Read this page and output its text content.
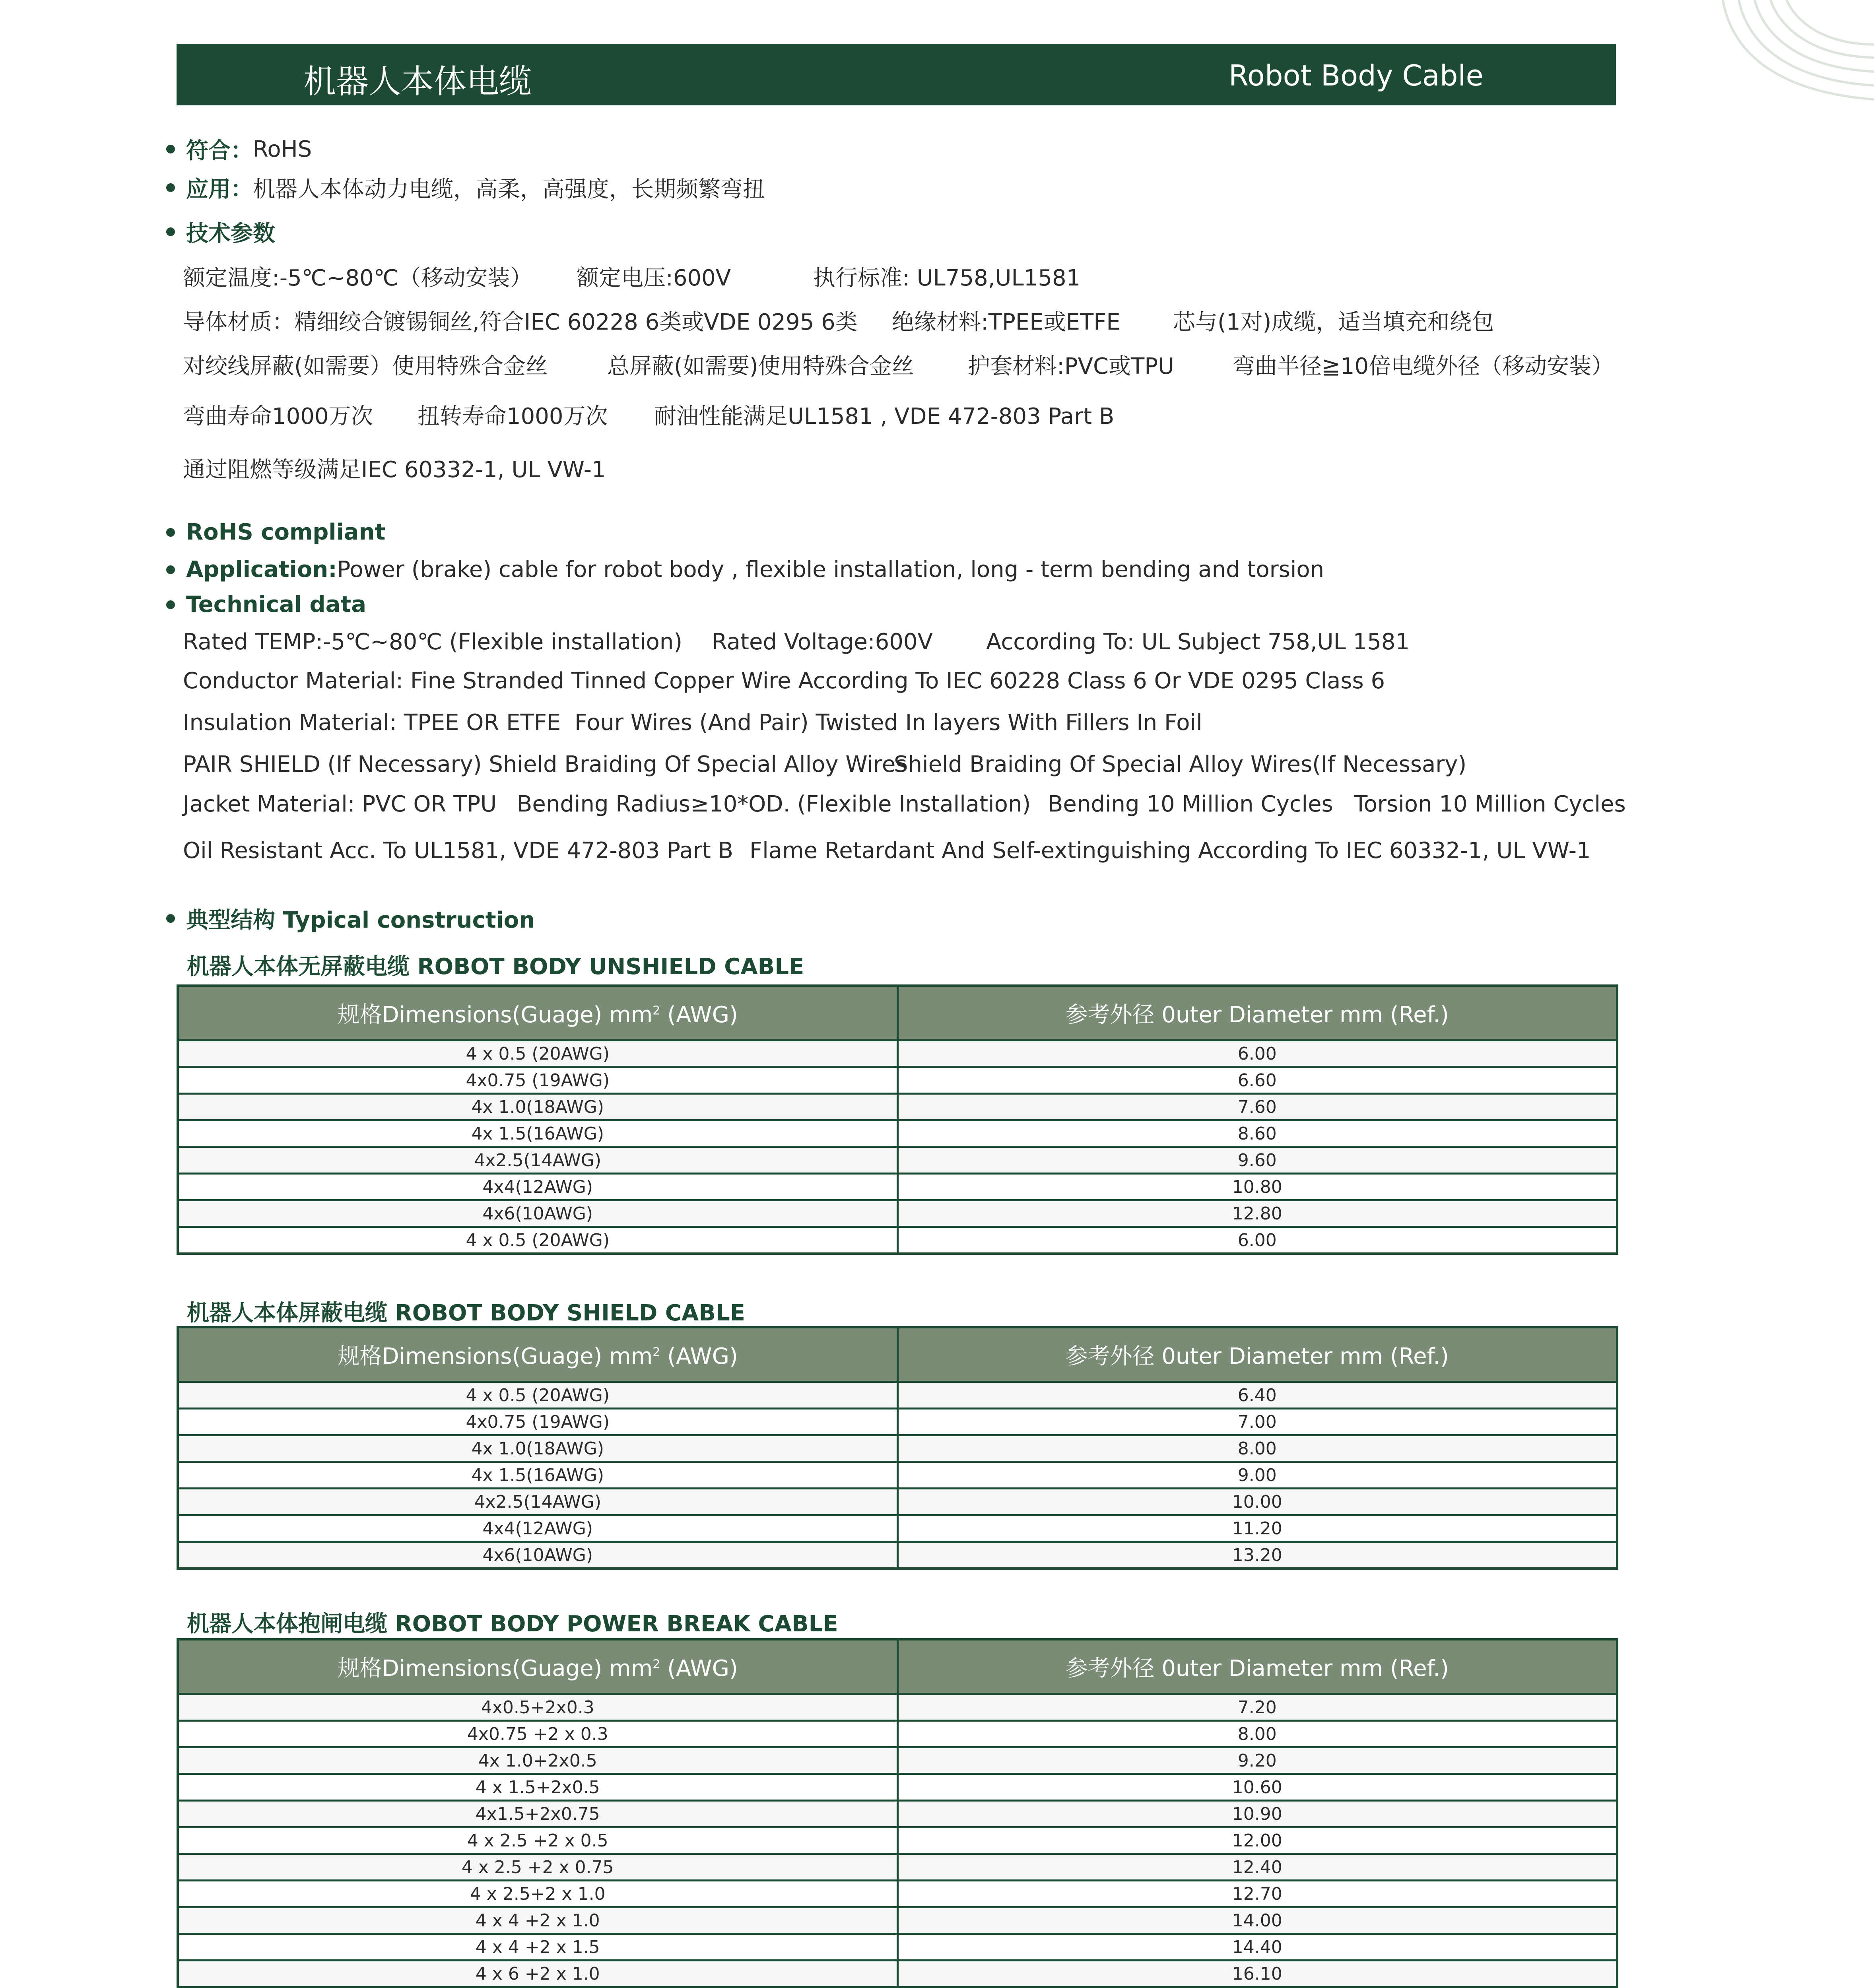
机器人本体电缆	Robot Body Cable
符合： RoHS
应用： 机器人本体动力电缆，高柔，高强度，长期频繁弯扭
技术参数
额定温度:-5℃~80℃（移动安装） 额定电压:600V	执行标准: UL758,UL1581
导体材质：精细绞合镀锡铜丝,符合IEC 60228 6类或VDE 0295 6类 绝缘材料:TPEE或ETFE 芯与(1对)成缆，适当填充和绕包
对绞线屏蔽(如需要）使用特殊合金丝	总屏蔽(如需要)使用特殊合金丝 护套材料:PVC或TPU	弯曲半径≧10倍电缆外径（移动安装）
弯曲寿命1000万次 扭转寿命1000万次 耐油性能满足UL1581 , VDE 472-803 Part B
通过阻燃等级满足IEC 60332-1, UL VW-1
RoHS compliant
Application: Power (brake) cable for robot body , flexible installation, long - term bending and torsion
Technical data
Rated TEMP:-5℃~80℃ (Flexible installation) Rated Voltage:600V According To: UL Subject 758,UL 1581
Conductor Material: Fine Stranded Tinned Copper Wire According To IEC 60228 Class 6 Or VDE 0295 Class 6
Insulation Material: TPEE OR ETFE Four Wires (And Pair) Twisted In layers With Fillers In Foil
PAIR SHIELD (If Necessary) Shield Braiding Of Special Alloy Wires
Shield Braiding Of Special Alloy Wires(If Necessary)
Jacket Material: PVC OR TPU Bending Radius≥10*OD. (Flexible Installation) Bending 10 Million Cycles Torsion 10 Million Cycles
Oil Resistant Acc. To UL1581, VDE 472-803 Part B Flame Retardant And Self-extinguishing According To IEC 60332-1, UL VW-1
典型结构 Typical construction
机器人本体无屏蔽电缆 ROBOT BODY UNSHIELD CABLE
规格Dimensions(Guage) $mm^2$ (AWG)	参考外径 0uter Diameter mm (Ref.)
4 x 0.5 (20AWG)	6.00
4x0.75 (19AWG)	6.60
4x 1.0(18AWG)	7.60
4x 1.5(16AWG)	8.60
4x2.5(14AWG)	9.60
4x4(12AWG)	10.80
4x6(10AWG)	12.80
4 x 0.5 (20AWG)	6.00
机器人本体屏蔽电缆 ROBOT BODY SHIELD CABLE
规格Dimensions(Guage) $mm^2$ (AWG)	参考外径 0uter Diameter mm (Ref.)
4 x 0.5 (20AWG)	6.40
4x0.75 (19AWG)	7.00
4x 1.0(18AWG)	8.00
4x 1.5(16AWG)	9.00
4x2.5(14AWG)	10.00
4x4(12AWG)	11.20
4x6(10AWG)	13.20
机器人本体抱闸电缆 ROBOT BODY POWER BREAK CABLE
规格Dimensions(Guage) $mm^2$ (AWG)	参考外径 0uter Diameter mm (Ref.)
4x0.5+2x0.3	7.20
4x0.75 +2 x 0.3	8.00
4x 1.0+2x0.5	9.20
4 x 1.5+2x0.5	10.60
4x1.5+2x0.75	10.90
4 x 2.5 +2 x 0.5	12.00
4 x 2.5 +2 x 0.75	12.40
4 x 2.5+2 x 1.0	12.70
4 x 4 +2 x 1.0	14.00
4 x 4 +2 x 1.5	14.40
4 x 6 +2 x 1.0	16.10
